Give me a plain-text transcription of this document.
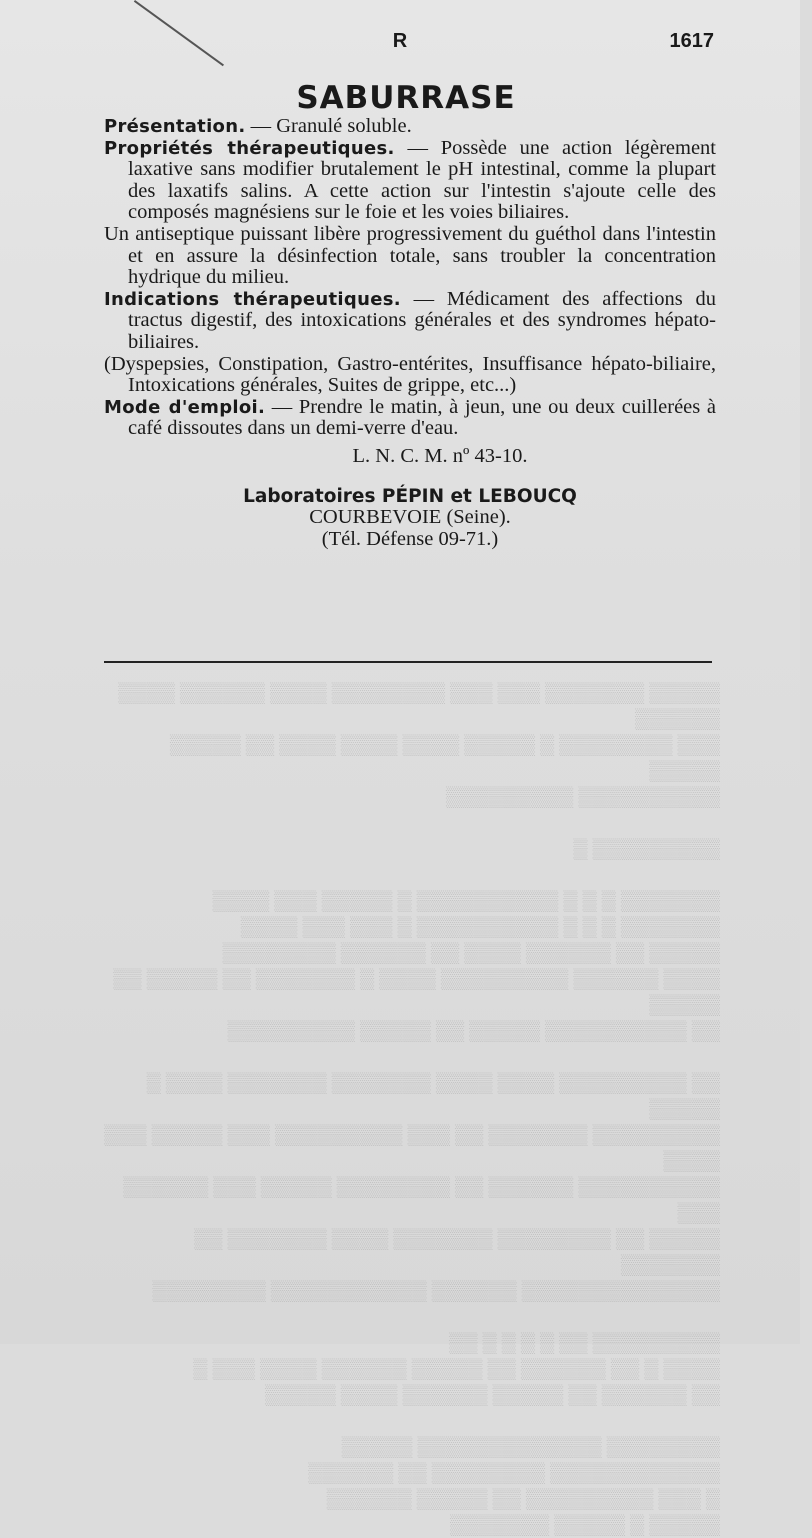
R	1617
SABURRASE

Présentation. — Granulé soluble.

Propriétés thérapeutiques. — Possède une action légèrement laxative sans modifier brutalement le pH intestinal, comme la plupart des laxatifs salins. A cette action sur l'intestin s'ajoute celle des composés magnésiens sur le foie et les voies biliaires.

Un antiseptique puissant libère progressivement du guéthol dans l'intestin et en assure la désinfection totale, sans troubler la concentration hydrique du milieu.

Indications thérapeutiques. — Médicament des affections du tractus digestif, des intoxications générales et des syndromes hépato-biliaires.

(Dyspepsies, Constipation, Gastro-entérites, Insuffisance hépato-biliaire, Intoxications générales, Suites de grippe, etc...)

Mode d'emploi. — Prendre le matin, à jeun, une ou deux cuillerées à café dissoutes dans un demi-verre d'eau.

L. N. C. M. nº 43-10.

Laboratoires PÉPIN et LEBOUCQ

COURBEVOIE (Seine).

(Tél. Défense 09-71.)

▒▒▒▒▒ ▒▒▒▒▒▒▒ ▒▒▒ ▒▒▒ ▒▒▒▒▒▒▒▒ ▒▒▒▒ ▒▒▒▒▒▒ ▒▒▒▒ ▒▒▒▒▒▒
▒▒▒ ▒▒▒▒▒▒▒▒ ▒ ▒▒▒▒▒ ▒▒▒▒ ▒▒▒▒ ▒▒▒▒ ▒▒ ▒▒▒▒▒ ▒▒▒▒▒
▒▒▒▒▒▒▒▒▒▒ ▒▒▒▒▒▒▒▒▒

▒▒▒▒▒▒▒▒▒ ▒

▒▒▒▒▒▒▒ ▒ ▒ ▒ ▒▒▒▒▒▒▒▒▒▒ ▒ ▒▒▒▒▒ ▒▒▒ ▒▒▒▒
▒▒▒▒▒▒▒ ▒ ▒ ▒ ▒▒▒▒▒▒▒▒▒▒ ▒ ▒▒▒ ▒▒▒ ▒▒▒▒
▒▒▒▒▒ ▒▒ ▒▒▒▒▒▒ ▒▒▒▒ ▒▒ ▒▒▒▒▒▒ ▒▒▒▒▒▒▒▒
▒▒▒▒ ▒▒▒▒▒▒ ▒▒▒▒▒▒▒▒▒ ▒▒▒▒ ▒ ▒▒▒▒▒▒▒ ▒▒ ▒▒▒▒▒ ▒▒ ▒▒▒▒▒
▒▒ ▒▒▒▒▒▒▒▒▒▒ ▒▒▒▒▒ ▒▒ ▒▒▒▒▒ ▒▒▒▒▒▒▒▒▒

▒▒ ▒▒▒▒▒▒▒▒▒ ▒▒▒▒ ▒▒▒▒ ▒▒▒▒▒▒▒ ▒▒▒▒▒▒▒ ▒▒▒▒ ▒ ▒▒▒▒▒
▒▒▒▒▒▒▒▒▒ ▒▒▒▒▒▒▒ ▒▒ ▒▒▒ ▒▒▒▒▒▒▒▒▒ ▒▒▒ ▒▒▒▒▒ ▒▒▒ ▒▒▒▒
▒▒▒▒▒▒▒▒▒▒ ▒▒▒▒▒▒ ▒▒ ▒▒▒▒▒▒▒▒ ▒▒▒▒▒ ▒▒▒ ▒▒▒▒▒▒ ▒▒▒
▒▒▒▒▒ ▒▒ ▒▒▒▒▒▒▒▒ ▒▒▒▒▒▒▒ ▒▒▒▒ ▒▒▒▒▒▒▒ ▒▒ ▒▒▒▒▒▒▒
▒▒▒▒▒▒▒▒▒▒▒▒▒▒ ▒▒▒▒▒▒ ▒▒▒▒▒▒▒▒▒▒▒ ▒▒▒▒▒▒▒▒

▒▒▒▒▒▒▒▒▒ ▒▒ ▒ ▒ ▒ ▒ ▒▒
▒▒▒▒ ▒ ▒▒ ▒▒▒▒▒▒ ▒▒ ▒▒▒▒▒ ▒▒▒▒▒▒ ▒▒▒▒ ▒▒▒ ▒
▒▒ ▒▒▒▒▒▒ ▒▒ ▒▒▒▒▒ ▒▒▒▒▒▒ ▒▒▒▒ ▒▒▒▒▒

▒▒▒▒▒▒▒▒ ▒▒▒▒▒▒▒▒▒▒▒▒▒ ▒▒▒▒▒
▒▒▒▒▒▒▒▒▒▒▒▒ ▒▒▒▒▒▒▒▒ ▒▒ ▒▒▒▒▒▒
▒ ▒▒▒ ▒▒▒▒▒▒▒▒▒ ▒▒ ▒▒▒▒▒ ▒▒▒▒▒▒
▒▒▒▒▒ ▒ ▒▒▒▒▒ ▒▒▒▒▒▒▒
